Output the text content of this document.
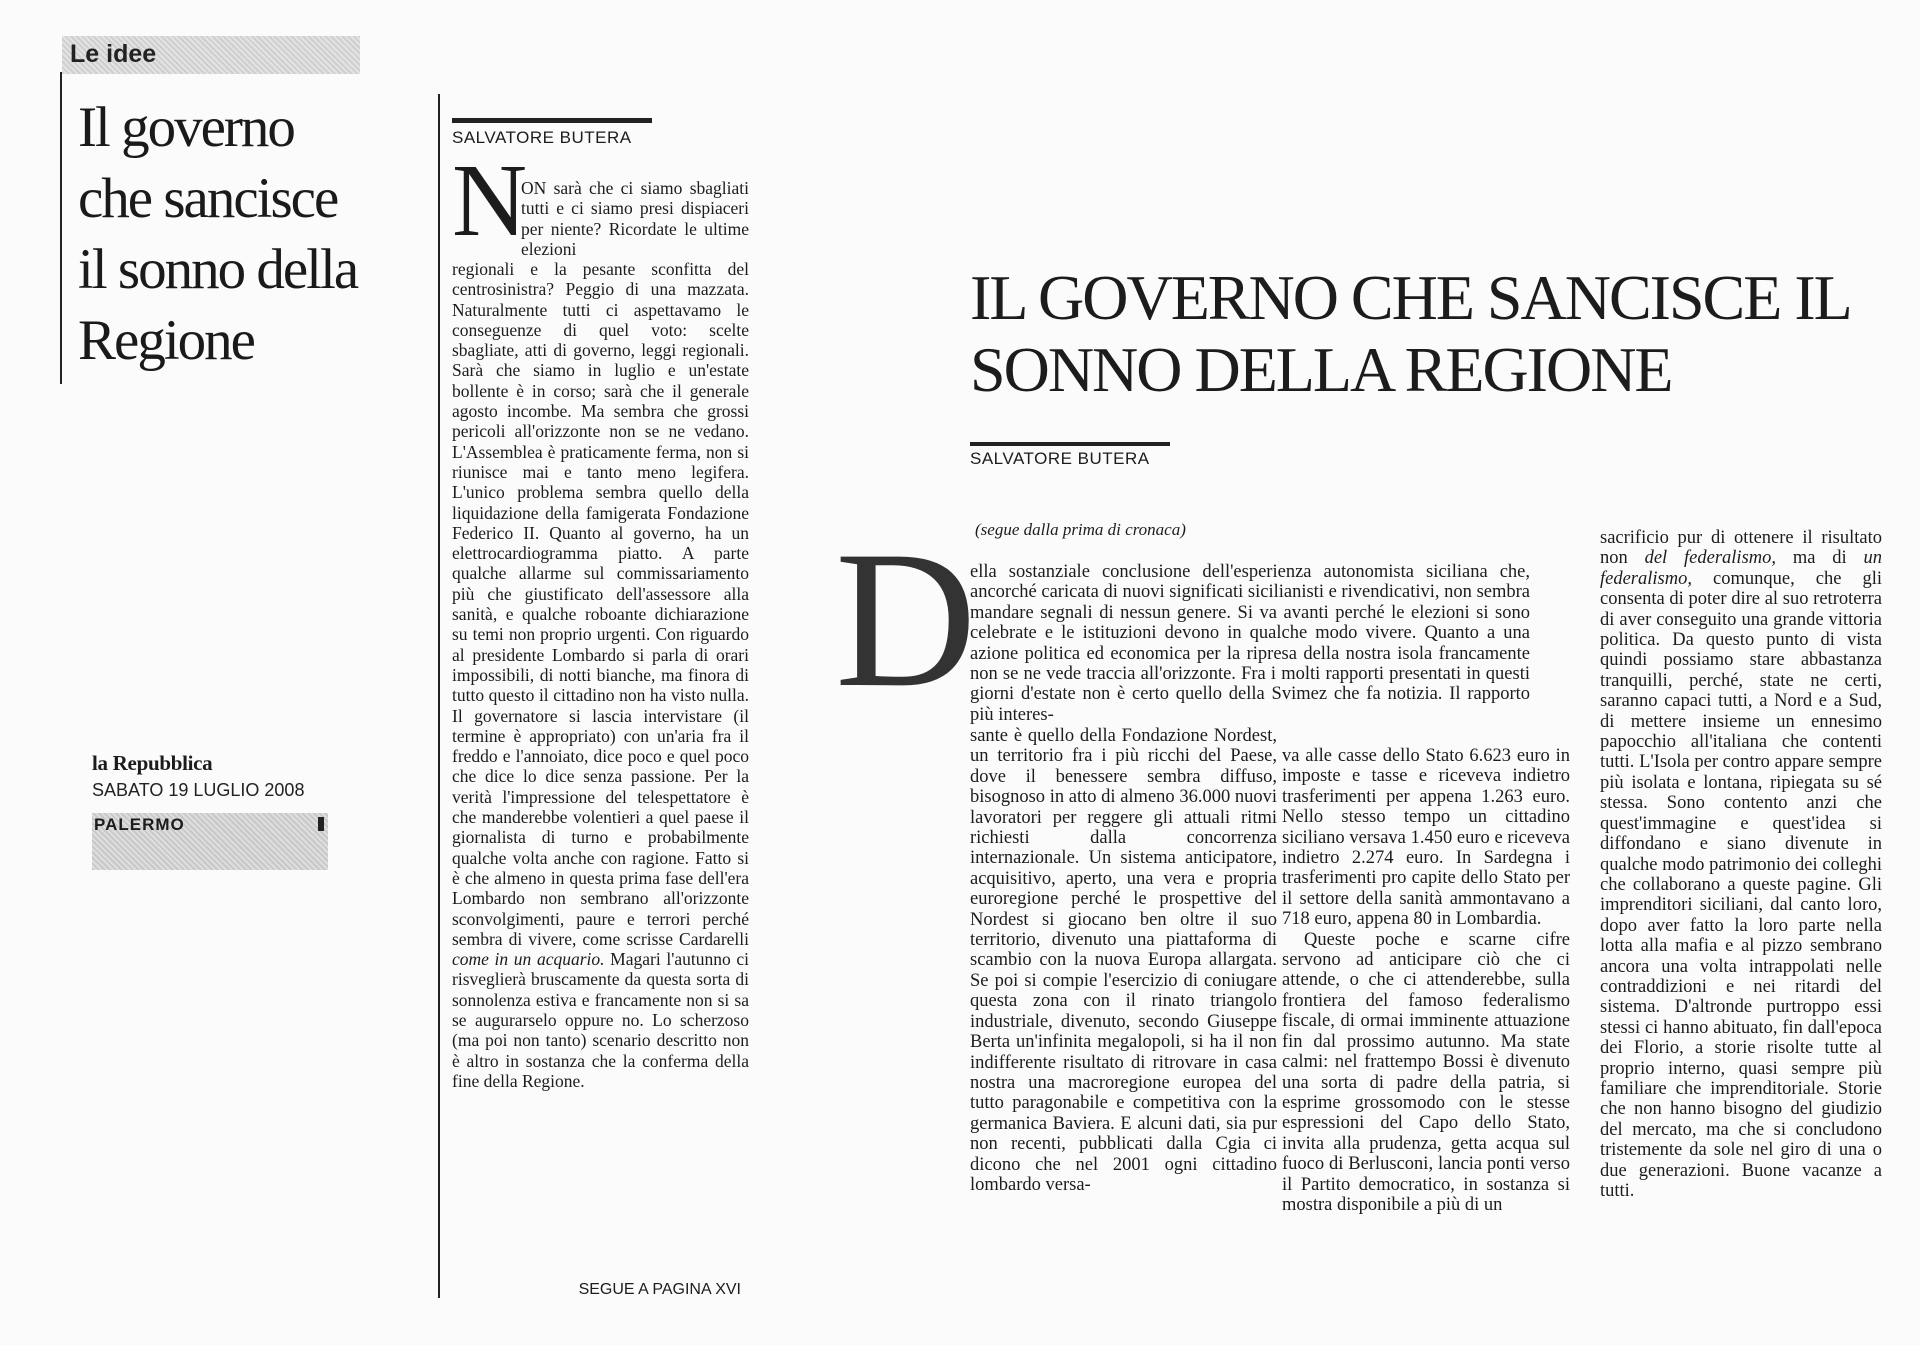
Le idee
Il governo che sancisce il sonno della Regione
la Repubblica
SABATO 19 LUGLIO 2008
PALERMO
SALVATORE BUTERA
N

ON sarà che ci siamo sbagliati tutti e ci siamo presi dispiaceri per niente? Ricordate le ultime elezioni

regionali e la pesante sconfitta del centrosinistra? Peggio di una mazzata. Naturalmente tutti ci aspettavamo le conseguenze di quel voto: scelte sbagliate, atti di governo, leggi regionali. Sarà che siamo in luglio e un'estate bollente è in corso; sarà che il generale agosto incombe. Ma sembra che grossi pericoli all'orizzonte non se ne vedano. L'Assemblea è praticamente ferma, non si riunisce mai e tanto meno legifera. L'unico problema sembra quello della liquidazione della famigerata Fondazione Federico II. Quanto al governo, ha un elettrocardiogramma piatto. A parte qualche allarme sul commissariamento più che giustificato dell'assessore alla sanità, e qualche roboante dichiarazione su temi non proprio urgenti. Con riguardo al presidente Lombardo si parla di orari impossibili, di notti bianche, ma finora di tutto questo il cittadino non ha visto nulla. Il governatore si lascia intervistare (il termine è appropriato) con un'aria fra il freddo e l'annoiato, dice poco e quel poco che dice lo dice senza passione. Per la verità l'impressione del telespettatore è che manderebbe volentieri a quel paese il giornalista di turno e probabilmente qualche volta anche con ragione. Fatto si è che almeno in questa prima fase dell'era Lombardo non sembrano all'orizzonte sconvolgimenti, paure e terrori perché sembra di vivere, come scrisse Cardarelli come in un acquario. Magari l'autunno ci risveglierà bruscamente da questa sorta di sonnolenza estiva e francamente non si sa se augurarselo oppure no. Lo scherzoso (ma poi non tanto) scenario descritto non è altro in sostanza che la conferma della fine della Regione.

SEGUE A PAGINA XVI
IL GOVERNO CHE SANCISCE IL SONNO DELLA REGIONE
SALVATORE BUTERA
(segue dalla prima di cronaca)
D

ella sostanziale conclusione dell'esperienza autonomista siciliana che, ancorché caricata di nuovi significati sicilianisti e rivendicativi, non sembra mandare segnali di nessun genere. Si va avanti perché le elezioni si sono celebrate e le istituzioni devono in qualche modo vivere. Quanto a una azione politica ed economica per la ripresa della nostra isola francamente non se ne vede traccia all'orizzonte. Fra i molti rapporti presentati in questi giorni d'estate non è certo quello della Svimez che fa notizia. Il rapporto più interes-

sante è quello della Fondazione Nordest, un territorio fra i più ricchi del Paese, dove il benessere sembra diffuso, bisognoso in atto di almeno 36.000 nuovi lavoratori per reggere gli attuali ritmi richiesti dalla concorrenza internazionale. Un sistema anticipatore, acquisitivo, aperto, una vera e propria euroregione perché le prospettive del Nordest si giocano ben oltre il suo territorio, divenuto una piattaforma di scambio con la nuova Europa allargata. Se poi si compie l'esercizio di coniugare questa zona con il rinato triangolo industriale, divenuto, secondo Giuseppe Berta un'infinita megalopoli, si ha il non indifferente risultato di ritrovare in casa nostra una macroregione europea del tutto paragonabile e competitiva con la germanica Baviera. E alcuni dati, sia pur non recenti, pubblicati dalla Cgia ci dicono che nel 2001 ogni cittadino lombardo versa-

va alle casse dello Stato 6.623 euro in imposte e tasse e riceveva indietro trasferimenti per appena 1.263 euro. Nello stesso tempo un cittadino siciliano versava 1.450 euro e riceveva indietro 2.274 euro. In Sardegna i trasferimenti pro capite dello Stato per il settore della sanità ammontavano a 718 euro, appena 80 in Lombardia.

Queste poche e scarne cifre servono ad anticipare ciò che ci attende, o che ci attenderebbe, sulla frontiera del famoso federalismo fiscale, di ormai imminente attuazione fin dal prossimo autunno. Ma state calmi: nel frattempo Bossi è divenuto una sorta di padre della patria, si esprime grossomodo con le stesse espressioni del Capo dello Stato, invita alla prudenza, getta acqua sul fuoco di Berlusconi, lancia ponti verso il Partito democratico, in sostanza si mostra disponibile a più di un

sacrificio pur di ottenere il risultato non del federalismo, ma di un federalismo, comunque, che gli consenta di poter dire al suo retroterra di aver conseguito una grande vittoria politica. Da questo punto di vista quindi possiamo stare abbastanza tranquilli, perché, state ne certi, saranno capaci tutti, a Nord e a Sud, di mettere insieme un ennesimo papocchio all'italiana che contenti tutti. L'Isola per contro appare sempre più isolata e lontana, ripiegata su sé stessa. Sono contento anzi che quest'immagine e quest'idea si diffondano e siano divenute in qualche modo patrimonio dei colleghi che collaborano a queste pagine. Gli imprenditori siciliani, dal canto loro, dopo aver fatto la loro parte nella lotta alla mafia e al pizzo sembrano ancora una volta intrappolati nelle contraddizioni e nei ritardi del sistema. D'altronde purtroppo essi stessi ci hanno abituato, fin dall'epoca dei Florio, a storie risolte tutte al proprio interno, quasi sempre più familiare che imprenditoriale. Storie che non hanno bisogno del giudizio del mercato, ma che si concludono tristemente da sole nel giro di una o due generazioni. Buone vacanze a tutti.
